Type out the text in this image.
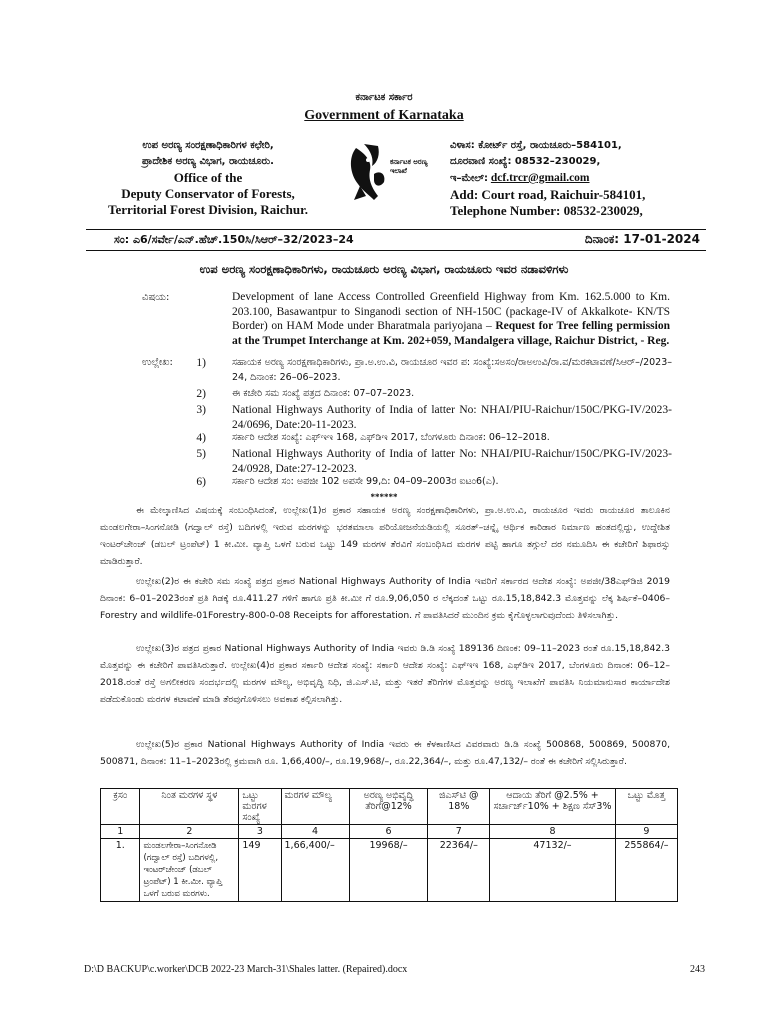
ಕರ್ನಾಟಕ ಸರ್ಕಾರ
Government of Karnataka
ಉಪ ಅರಣ್ಯ ಸಂರಕ್ಷಣಾಧಿಕಾರಿಗಳ ಕಛೇರಿ,
ಪ್ರಾದೇಶಿಕ ಅರಣ್ಯ ವಿಭಾಗ, ರಾಯಚೂರು.
Office of the
Deputy Conservator of Forests,
Territorial Forest Division, Raichur.
ಕರ್ನಾಟಕ ಅರಣ್ಯ ಇಲಾಖೆ
ವಿಳಾಸ: ಕೋರ್ಟ್ ರಸ್ತೆ, ರಾಯಚೂರು–584101,
ದೂರವಾಣಿ ಸಂಖ್ಯೆ: 08532–230029,
ಇ–ಮೇಲ್: dcf.trcr@gmail.com
Add: Court road, Raichuir-584101,
Telephone Number: 08532-230029,
ಸಂ: ಎ6/ಸರ್ವೇ/ಎನ್.ಹೆಚ್.150ಸಿ/ಸಿಆರ್–32/2023–24	ದಿನಾಂಕ: 17-01-2024
ಉಪ ಅರಣ್ಯ ಸಂರಕ್ಷಣಾಧಿಕಾರಿಗಳು, ರಾಯಚೂರು ಅರಣ್ಯ ವಿಭಾಗ, ರಾಯಚೂರು ಇವರ ನಡಾವಳಿಗಳು
ವಿಷಯ:	Development of lane Access Controlled Greenfield Highway from Km. 162.5.000 to Km. 203.100, Basawantpur to Singanodi section of NH-150C (package-IV of Akkalkote- KN/TS Border) on HAM Mode under Bharatmala pariyojana – Request for Tree felling permission at the Trumpet Interchange at Km. 202+059, Mandalgera village, Raichur District, - Reg.
ಉಲ್ಲೇಖ:	1)	ಸಹಾಯಕ ಅರಣ್ಯ ಸಂರಕ್ಷಣಾಧಿಕಾರಿಗಳು, ಪ್ರಾ.ಅ.ಉ.ವಿ, ರಾಯಚೂರ ಇವರ ಪ: ಸಂಖ್ಯೆ:ಸಅಸಂ/ರಾಅಉವಿ/ರಾ.ವ/ಮರಕಟಾವಣೆ/ಸಿಆರ್–/2023–24, ದಿನಾಂಕ: 26–06–2023.
2)	ಈ ಕಚೇರಿ ಸಮ ಸಂಖ್ಯೆ ಪತ್ರದ ದಿನಾಂಕ: 07–07–2023.
3) National Highways Authority of India of latter No: NHAI/PIU-Raichur/150C/PKG-IV/2023-24/0696, Date:20-11-2023.
4)	ಸರ್ಕಾರಿ ಆದೇಶ ಸಂಖ್ಯೆ: ಎಫ್‌ಇಇ 168, ಎಫ್‌ಡಿಇ 2017, ಬೆಂಗಳೂರು ದಿನಾಂಕ: 06–12–2018.
5) National Highways Authority of India of latter No: NHAI/PIU-Raichur/150C/PKG-IV/2023-24/0928, Date:27-12-2023.
6)	ಸರ್ಕಾರಿ ಆದೇಶ ಸಂ: ಅಪಜೀ 102 ಅಪಸೇ 99,ದಿ: 04–09–2003ರ ಐಟಂ6(ಎ).
******
ಈ ಮೇಲ್ಕಾಣಿಸಿದ ವಿಷಯಕ್ಕೆ ಸಂಬಂಧಿಸಿದಂತೆ, ಉಲ್ಲೇಖ(1)ರ ಪ್ರಕಾರ ಸಹಾಯಕ ಅರಣ್ಯ ಸಂರಕ್ಷಣಾಧಿಕಾರಿಗಳು, ಪ್ರಾ.ಅ.ಉ.ವಿ, ರಾಯಚೂರ ಇವರು ರಾಯಚೂರ ತಾಲೂಕಿನ ಮಂಡಲಗೇರಾ–ಸಿಂಗನೋಡಿ (ಗದ್ವಾಲ್ ರಸ್ತೆ) ಬದಿಗಳಲ್ಲಿ ಇರುವ ಮರಗಳನ್ನು ಭರತಮಾಲಾ ಪರಿಯೋಜನೆಯಡಿಯಲ್ಲಿ ಸೂರತ್–ಚನ್ನೈ ಆರ್ಥಿಕ ಕಾರಿಡಾರ ನಿರ್ಮಾಣ ಹಂತದಲ್ಲಿದ್ದು, ಉದ್ದೇಶಿತ ಇಂಟರ್‌ಚೇಂಜ್ (ಡಬಲ್ ಟ್ರಂಪೆಟ್) 1 ಕೀ.ಮೀ. ವ್ಯಾಪ್ತಿ ಒಳಗೆ ಬರುವ ಒಟ್ಟು 149 ಮರಗಳ ತೆರವಿಗೆ ಸಂಬಂಧಿಸಿದ ಮರಗಳ ಪಟ್ಟಿ ಹಾಗೂ ತಗ್ಗುಲೆ ದರ ನಮೂದಿಸಿ ಈ ಕಚೇರಿಗೆ ಶಿಫಾರಸ್ಸು ಮಾಡಿರುತ್ತಾರೆ.
ಉಲ್ಲೇಖ(2)ರ ಈ ಕಚೇರಿ ಸಮ ಸಂಖ್ಯೆ ಪತ್ರದ ಪ್ರಕಾರ National Highways Authority of India ಇವರಿಗೆ ಸರ್ಕಾರದ ಆದೇಶ ಸಂಖ್ಯೆ: ಅಪಜೀ/38ಎಫ್‌ಡಿಜಿ 2019 ದಿನಾಂಕ: 6–01–2023ರಂತೆ ಪ್ರತಿ ಗಿಡಕ್ಕೆ ರೂ.411.27 ಗಳಿಗೆ ಹಾಗೂ ಪ್ರತಿ ಕೀ.ಮೀ ಗೆ ರೂ.9,06,050 ರ ಲೆಕ್ಕದಂತೆ ಒಟ್ಟು ರೂ.15,18,842.3 ಮೊತ್ತವನ್ನು ಲೆಕ್ಕ ಶಿರ್ಷಿಕೆ–0406–Forestry and wildlife-01Forestry-800-0-08 Receipts for afforestation. ಗೆ ಪಾವತಿಸಿದರೆ ಮುಂದಿನ ಕ್ರಮ ಕೈಗೊಳ್ಳಲಾಗುವುದೆಂದು ತಿಳಿಸಲಾಗಿತ್ತು.
ಉಲ್ಲೇಖ(3)ರ ಪತ್ರದ ಪ್ರಕಾರ National Highways Authority of India ಇವರು ಡಿ.ಡಿ ಸಂಖ್ಯೆ 189136 ದಿಣಂಕ: 09–11–2023 ರಂತೆ ರೂ.15,18,842.3 ಮೊತ್ತವನ್ನು ಈ ಕಚೇರಿಗೆ ಪಾವತಿಸಿರುತ್ತಾರೆ. ಉಲ್ಲೇಖ(4)ರ ಪ್ರಕಾರ ಸರ್ಕಾರಿ ಆದೇಶ ಸಂಖ್ಯೆ: ಸರ್ಕಾರಿ ಆದೇಶ ಸಂಖ್ಯೆ: ಎಫ್‌ಇಇ 168, ಎಫ್‌ಡಿಇ 2017, ಬೆಂಗಳೂರು ದಿನಾಂಕ: 06–12–2018.ರಂತೆ ರಸ್ತೆ ಅಗಲೀಕರಣ ಸಂದರ್ಭದಲ್ಲಿ ಮರಗಳ ಮೌಲ್ಯ, ಅಭಿವೃದ್ಧಿ ನಿಧಿ, ಜಿ.ಎಸ್.ಟಿ, ಮತ್ತು ಇತರೆ ತೆರಿಗೆಗಳ ಮೊತ್ತವನ್ನು ಅರಣ್ಯ ಇಲಾಖೆಗೆ ಪಾವತಿಸಿ ನಿಯಮಾನುಸಾರ ಕಾರ್ಯಾದೇಶ ಪಡೆದುಕೊಂಡು ಮರಗಳ ಕಟಾವಣೆ ಮಾಡಿ ತೆರವುಗೊಳಿಸಲು ಅವಕಾಶ ಕಲ್ಪಿಸಲಾಗಿತ್ತು.
ಉಲ್ಲೇಖ(5)ರ ಪ್ರಕಾರ National Highways Authority of India ಇವರು ಈ ಕೆಳಕಾಣಿಸಿದ ವಿವರವಾರು ಡಿ.ಡಿ ಸಂಖ್ಯೆ 500868, 500869, 500870, 500871, ದಿನಾಂಕ: 11–1–2023ರಲ್ಲಿ ಕ್ರಮವಾಗಿ ರೂ. 1,66,400/–, ರೂ.19,968/–, ರೂ.22,364/–, ಮತ್ತು ರೂ.47,132/– ರಂತೆ ಈ ಕಚೇರಿಗೆ ಸಲ್ಲಿಸಿರುತ್ತಾರೆ.
ಕ್ರಸಂ	ನಿಂತ ಮರಗಳ ಸ್ಥಳ	ಒಟ್ಟು ಮರಗಳ ಸಂಖ್ಯೆ	ಮರಗಳ ಮೌಲ್ಯ	ಅರಣ್ಯ ಅಭಿವೃದ್ಧಿ ತೆರಿಗೆ@12%	ಜಿಎಸ್‌ಟಿ @ 18%	ಆದಾಯ ತೆರಿಗೆ @2.5% + ಸರ್ಚಾರ್ಜ್10% + ಶಿಕ್ಷಣ ಸೆಸ್3%	ಒಟ್ಟು ಮೊತ್ತ
1	2	3	4	6	7	8	9
1.	ಮಂಡಲಗೇರಾ–ಸಿಂಗನೋಡಿ (ಗದ್ವಾಲ್ ರಸ್ತೆ) ಬದಿಗಳಲ್ಲಿ, ಇಂಟರ್‌ಚೇಂಜ್ (ಡಬಲ್ ಟ್ರಂಪೆಟ್) 1 ಕೀ.ಮೀ. ವ್ಯಾಪ್ತಿ ಒಳಗೆ ಬರುವ ಮರಗಳು.	149	1,66,400/–	19968/–	22364/–	47132/–	255864/–
D:\D BACKUP\c.worker\DCB 2022-23 March-31\Shales latter. (Repaired).docx	243
